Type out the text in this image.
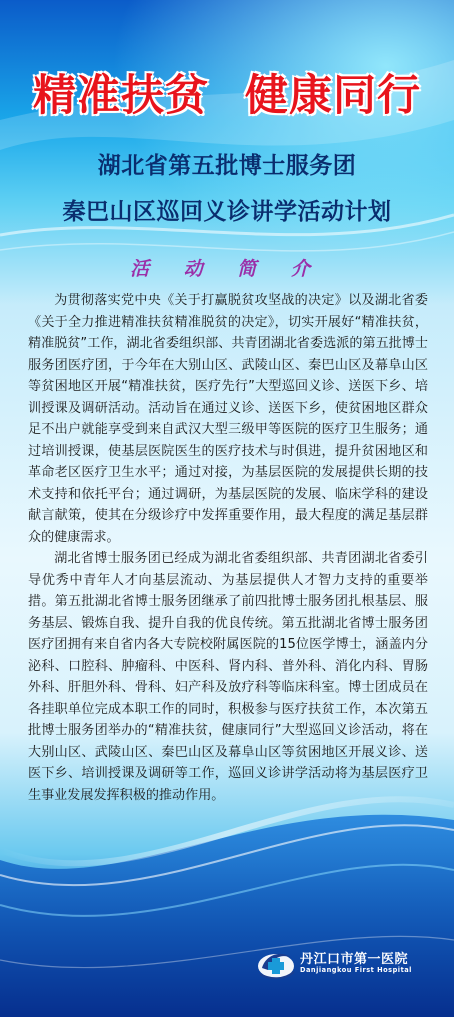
精准扶贫 健康同行
湖北省第五批博士服务团
秦巴山区巡回义诊讲学活动计划
活 动 简 介

为贯彻落实党中央《关于打赢脱贫攻坚战的决定》以及湖北省委《关于全力推进精准扶贫精准脱贫的决定》，切实开展好“精准扶贫，精准脱贫”工作，湖北省委组织部、共青团湖北省委选派的第五批博士服务团医疗团，于今年在大别山区、武陵山区、秦巴山区及幕阜山区等贫困地区开展“精准扶贫，医疗先行”大型巡回义诊、送医下乡、培训授课及调研活动。活动旨在通过义诊、送医下乡，使贫困地区群众足不出户就能享受到来自武汉大型三级甲等医院的医疗卫生服务；通过培训授课，使基层医院医生的医疗技术与时俱进，提升贫困地区和革命老区医疗卫生水平；通过对接，为基层医院的发展提供长期的技术支持和依托平台；通过调研，为基层医院的发展、临床学科的建设献言献策，使其在分级诊疗中发挥重要作用，最大程度的满足基层群众的健康需求。

湖北省博士服务团已经成为湖北省委组织部、共青团湖北省委引导优秀中青年人才向基层流动、为基层提供人才智力支持的重要举措。第五批湖北省博士服务团继承了前四批博士服务团扎根基层、服务基层、锻炼自我、提升自我的优良传统。第五批湖北省博士服务团医疗团拥有来自省内各大专院校附属医院的15位医学博士，涵盖内分泌科、口腔科、肿瘤科、中医科、肾内科、普外科、消化内科、胃肠外科、肝胆外科、骨科、妇产科及放疗科等临床科室。博士团成员在各挂职单位完成本职工作的同时，积极参与医疗扶贫工作，本次第五批博士服务团举办的“精准扶贫，健康同行”大型巡回义诊活动，将在大别山区、武陵山区、秦巴山区及幕阜山区等贫困地区开展义诊、送医下乡、培训授课及调研等工作，巡回义诊讲学活动将为基层医疗卫生事业发展发挥积极的推动作用。

丹江口市第一医院
Danjiangkou First Hospital
